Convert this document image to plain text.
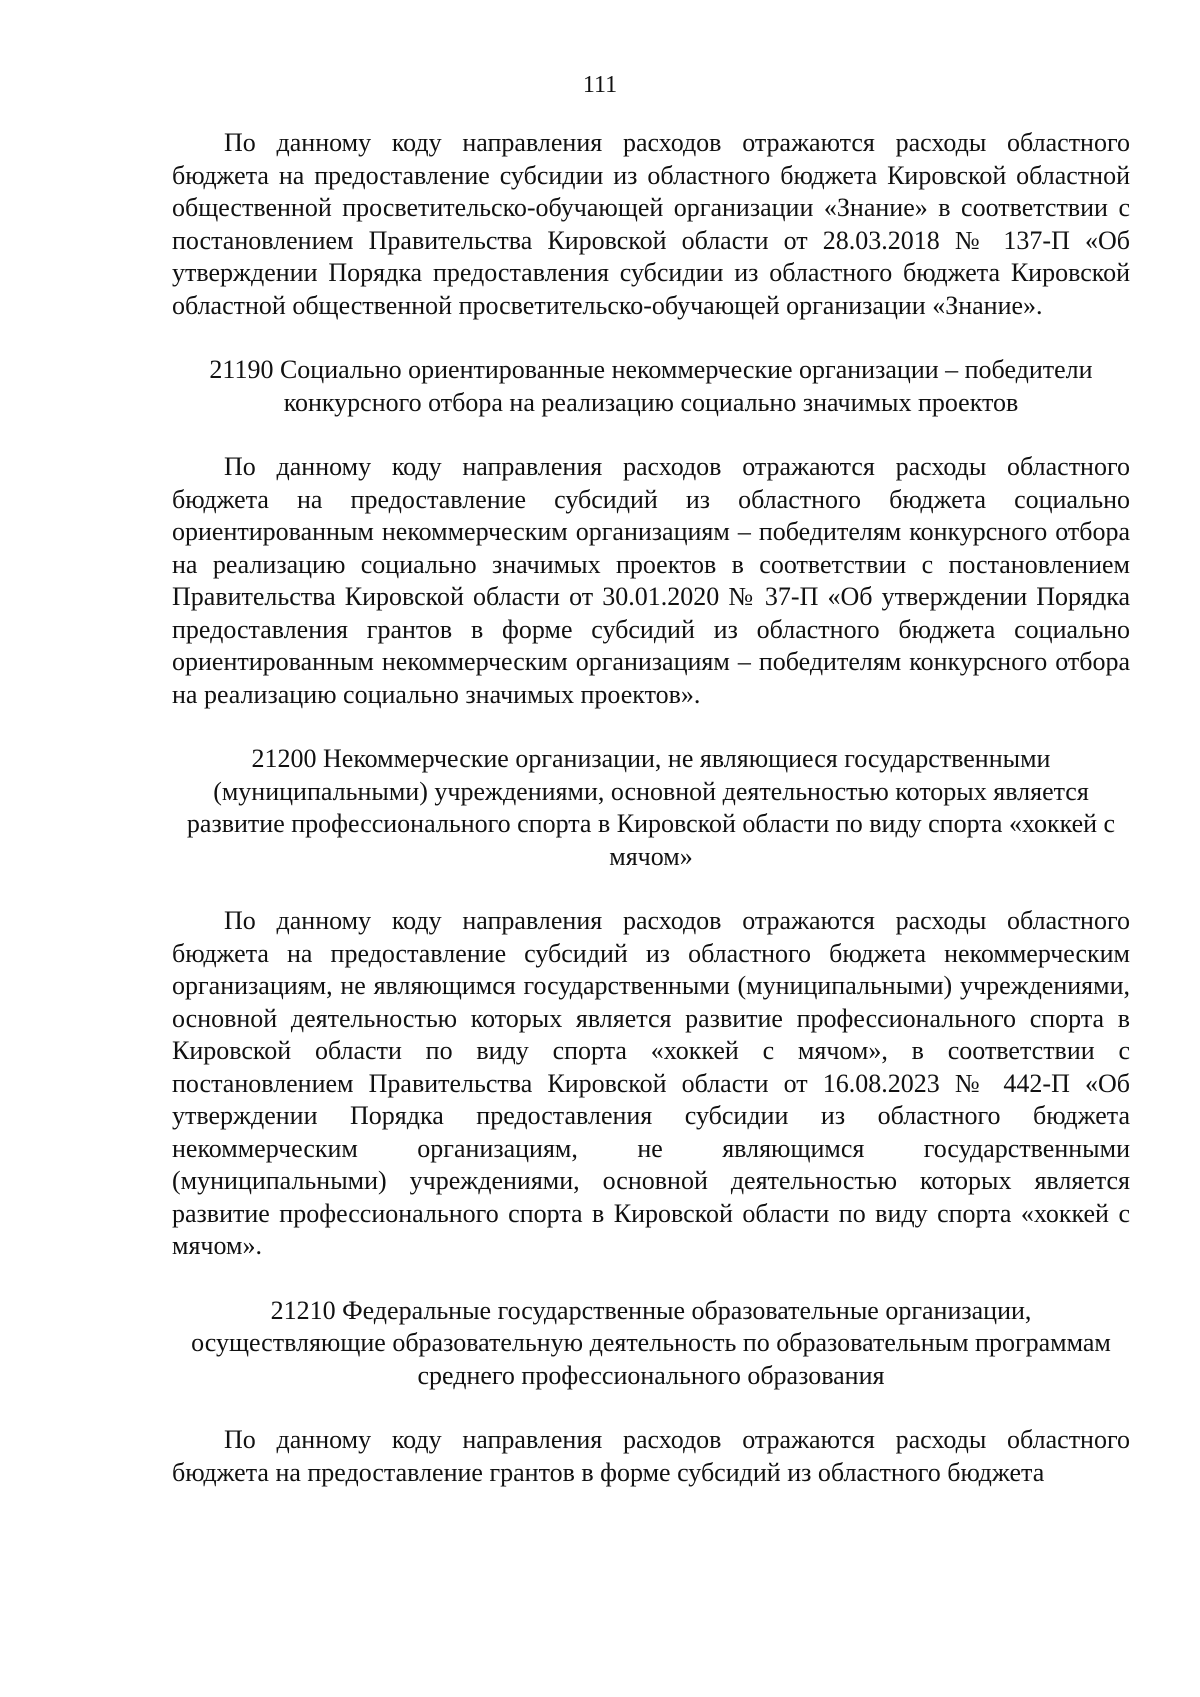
111

По данному коду направления расходов отражаются расходы областного бюджета на предоставление субсидии из областного бюджета Кировской областной общественной просветительско-обучающей организации «Знание» в соответствии с постановлением Правительства Кировской области от 28.03.2018 № 137-П «Об утверждении Порядка предоставления субсидии из областного бюджета Кировской областной общественной просветительско-обучающей организации «Знание».

21190 Социально ориентированные некоммерческие организации – победители конкурсного отбора на реализацию социально значимых проектов

По данному коду направления расходов отражаются расходы областного бюджета на предоставление субсидий из областного бюджета социально ориентированным некоммерческим организациям – победителям конкурсного отбора на реализацию социально значимых проектов в соответствии с постановлением Правительства Кировской области от 30.01.2020 № 37-П «Об утверждении Порядка предоставления грантов в форме субсидий из областного бюджета социально ориентированным некоммерческим организациям – победителям конкурсного отбора на реализацию социально значимых проектов».

21200 Некоммерческие организации, не являющиеся государственными (муниципальными) учреждениями, основной деятельностью которых является развитие профессионального спорта в Кировской области по виду спорта «хоккей с мячом»

По данному коду направления расходов отражаются расходы областного бюджета на предоставление субсидий из областного бюджета некоммерческим организациям, не являющимся государственными (муниципальными) учреждениями, основной деятельностью которых является развитие профессионального спорта в Кировской области по виду спорта «хоккей с мячом», в соответствии с постановлением Правительства Кировской области от 16.08.2023 № 442-П «Об утверждении Порядка предоставления субсидии из областного бюджета некоммерческим организациям, не являющимся государственными (муниципальными) учреждениями, основной деятельностью которых является развитие профессионального спорта в Кировской области по виду спорта «хоккей с мячом».

21210 Федеральные государственные образовательные организации, осуществляющие образовательную деятельность по образовательным программам среднего профессионального образования

По данному коду направления расходов отражаются расходы областного бюджета на предоставление грантов в форме субсидий из областного бюджета
